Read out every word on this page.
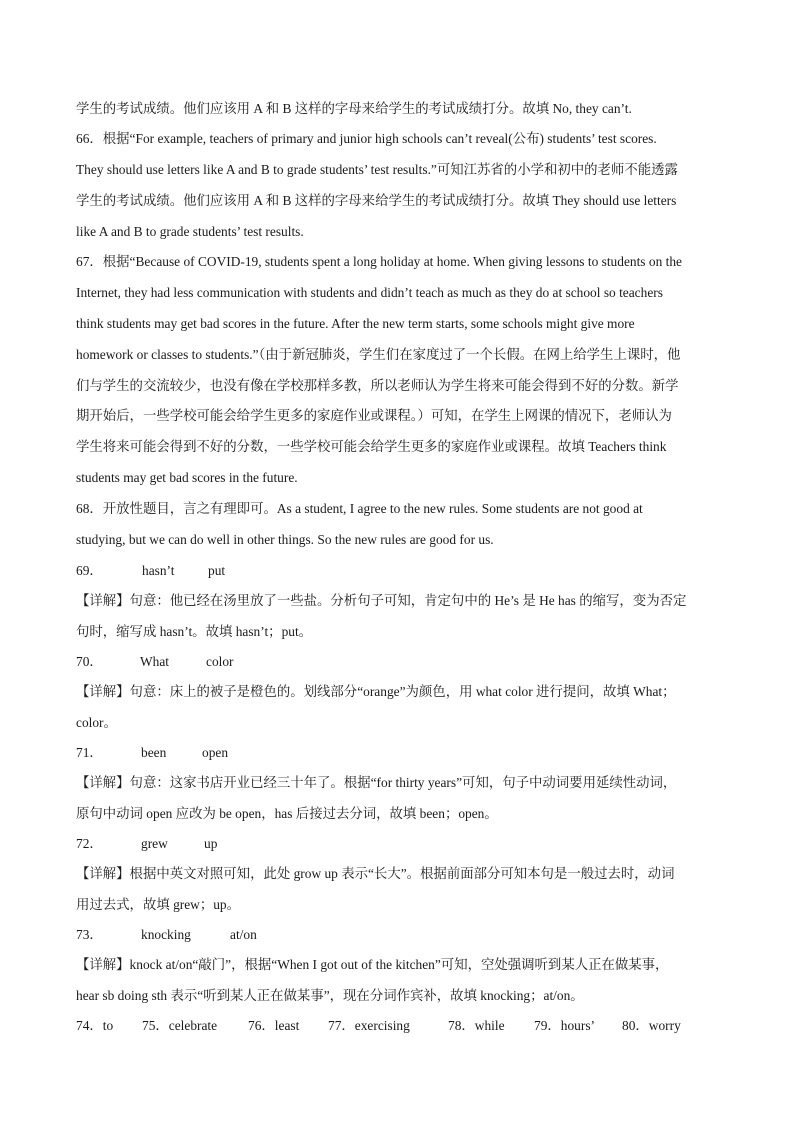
学生的考试成绩。他们应该用 A 和 B 这样的字母来给学生的考试成绩打分。故填 No, they can’t.
66．根据“For example, teachers of primary and junior high schools can’t reveal(公布) students’ test scores.
They should use letters like A and B to grade students’ test results.”可知江苏省的小学和初中的老师不能透露
学生的考试成绩。他们应该用 A 和 B 这样的字母来给学生的考试成绩打分。故填 They should use letters
like A and B to grade students’ test results.
67．根据“Because of COVID-19, students spent a long holiday at home. When giving lessons to students on the
Internet, they had less communication with students and didn’t teach as much as they do at school so teachers
think students may get bad scores in the future. After the new term starts, some schools might give more
homework or classes to students.”（由于新冠肺炎，学生们在家度过了一个长假。在网上给学生上课时，他
们与学生的交流较少，也没有像在学校那样多教，所以老师认为学生将来可能会得到不好的分数。新学
期开始后，一些学校可能会给学生更多的家庭作业或课程。）可知，在学生上网课的情况下，老师认为
学生将来可能会得到不好的分数，一些学校可能会给学生更多的家庭作业或课程。故填 Teachers think
students may get bad scores in the future.
68．开放性题目，言之有理即可。As a student, I agree to the new rules. Some students are not good at
studying, but we can do well in other things. So the new rules are good for us.
69．	hasn’t	put
【详解】句意：他已经在汤里放了一些盐。分析句子可知，肯定句中的 He’s 是 He has 的缩写，变为否定
句时，缩写成 hasn’t。故填 hasn’t；put。
70．	What	color
【详解】句意：床上的被子是橙色的。划线部分“orange”为颜色，用 what color 进行提问，故填 What；
color。
71．	been	open
【详解】句意：这家书店开业已经三十年了。根据“for thirty years”可知，句子中动词要用延续性动词，
原句中动词 open 应改为 be open，has 后接过去分词，故填 been；open。
72．	grew	up
【详解】根据中英文对照可知，此处 grow up 表示“长大”。根据前面部分可知本句是一般过去时，动词
用过去式，故填 grew；up。
73．	knocking	at/on
【详解】knock at/on“敲门”，根据“When I got out of the kitchen”可知，空处强调听到某人正在做某事，
hear sb doing sth 表示“听到某人正在做某事”，现在分词作宾补，故填 knocking；at/on。
74．to 75．celebrate 76．least 77．exercising	78．while 79．hours’ 80．worry
